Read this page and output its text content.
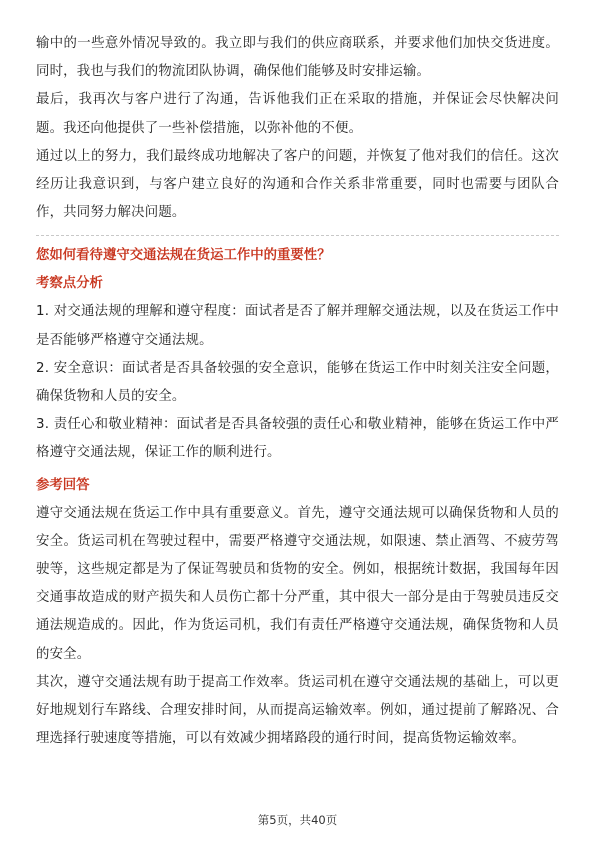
输中的一些意外情况导致的。我立即与我们的供应商联系，并要求他们加快交货进度。同时，我也与我们的物流团队协调，确保他们能够及时安排运输。

最后，我再次与客户进行了沟通，告诉他我们正在采取的措施，并保证会尽快解决问题。我还向他提供了一些补偿措施，以弥补他的不便。

通过以上的努力，我们最终成功地解决了客户的问题，并恢复了他对我们的信任。这次经历让我意识到，与客户建立良好的沟通和合作关系非常重要，同时也需要与团队合作，共同努力解决问题。

您如何看待遵守交通法规在货运工作中的重要性？
考察点分析

1. 对交通法规的理解和遵守程度：面试者是否了解并理解交通法规，以及在货运工作中是否能够严格遵守交通法规。

2. 安全意识：面试者是否具备较强的安全意识，能够在货运工作中时刻关注安全问题，确保货物和人员的安全。

3. 责任心和敬业精神：面试者是否具备较强的责任心和敬业精神，能够在货运工作中严格遵守交通法规，保证工作的顺利进行。

参考回答

遵守交通法规在货运工作中具有重要意义。首先，遵守交通法规可以确保货物和人员的安全。货运司机在驾驶过程中，需要严格遵守交通法规，如限速、禁止酒驾、不疲劳驾驶等，这些规定都是为了保证驾驶员和货物的安全。例如，根据统计数据，我国每年因交通事故造成的财产损失和人员伤亡都十分严重，其中很大一部分是由于驾驶员违反交通法规造成的。因此，作为货运司机，我们有责任严格遵守交通法规，确保货物和人员的安全。

其次，遵守交通法规有助于提高工作效率。货运司机在遵守交通法规的基础上，可以更好地规划行车路线、合理安排时间，从而提高运输效率。例如，通过提前了解路况、合理选择行驶速度等措施，可以有效减少拥堵路段的通行时间，提高货物运输效率。

第5页，共40页
